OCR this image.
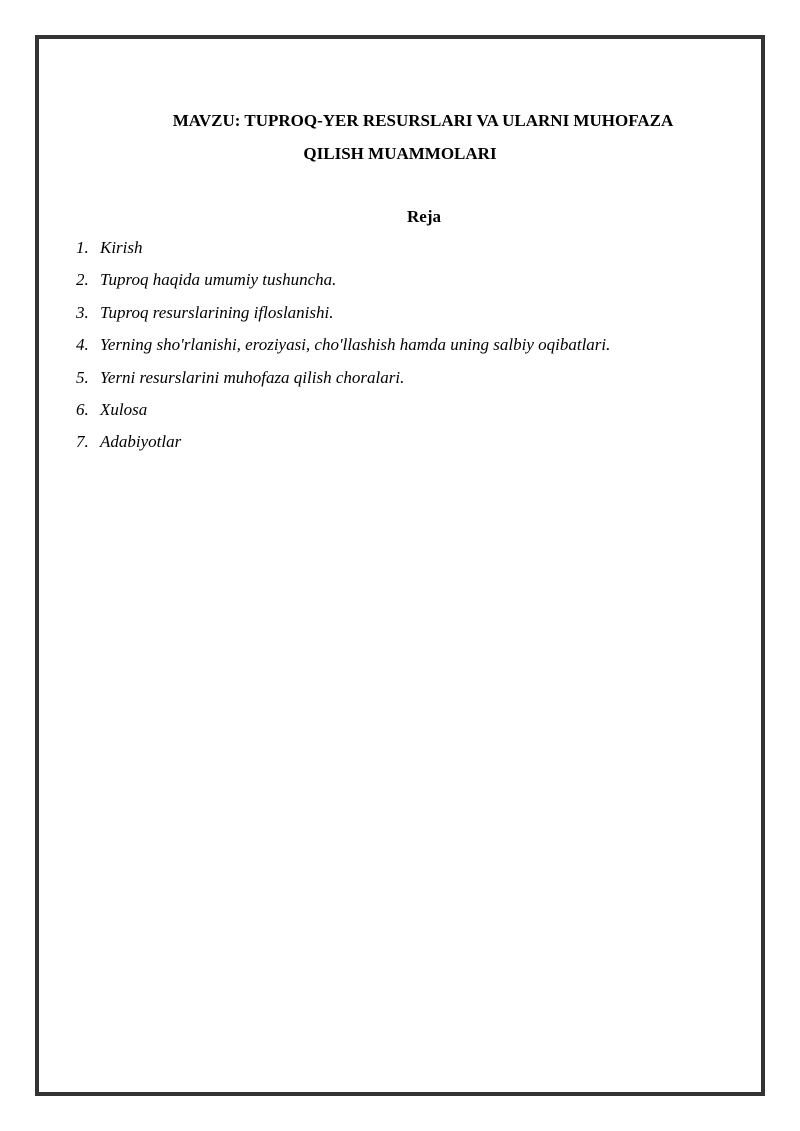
MAVZU: TUPROQ-YER RESURSLARI VA ULARNI MUHOFAZA

QILISH MUAMMOLARI

Reja

1. Kirish
2. Tuproq haqida umumiy tushuncha.
3. Tuproq resurslarining ifloslanishi.
4. Yerning sho'rlanishi, eroziyasi, cho'llashish hamda uning salbiy oqibatlari.
5. Yerni resurslarini muhofaza qilish choralari.
6. Xulosa
7. Adabiyotlar
